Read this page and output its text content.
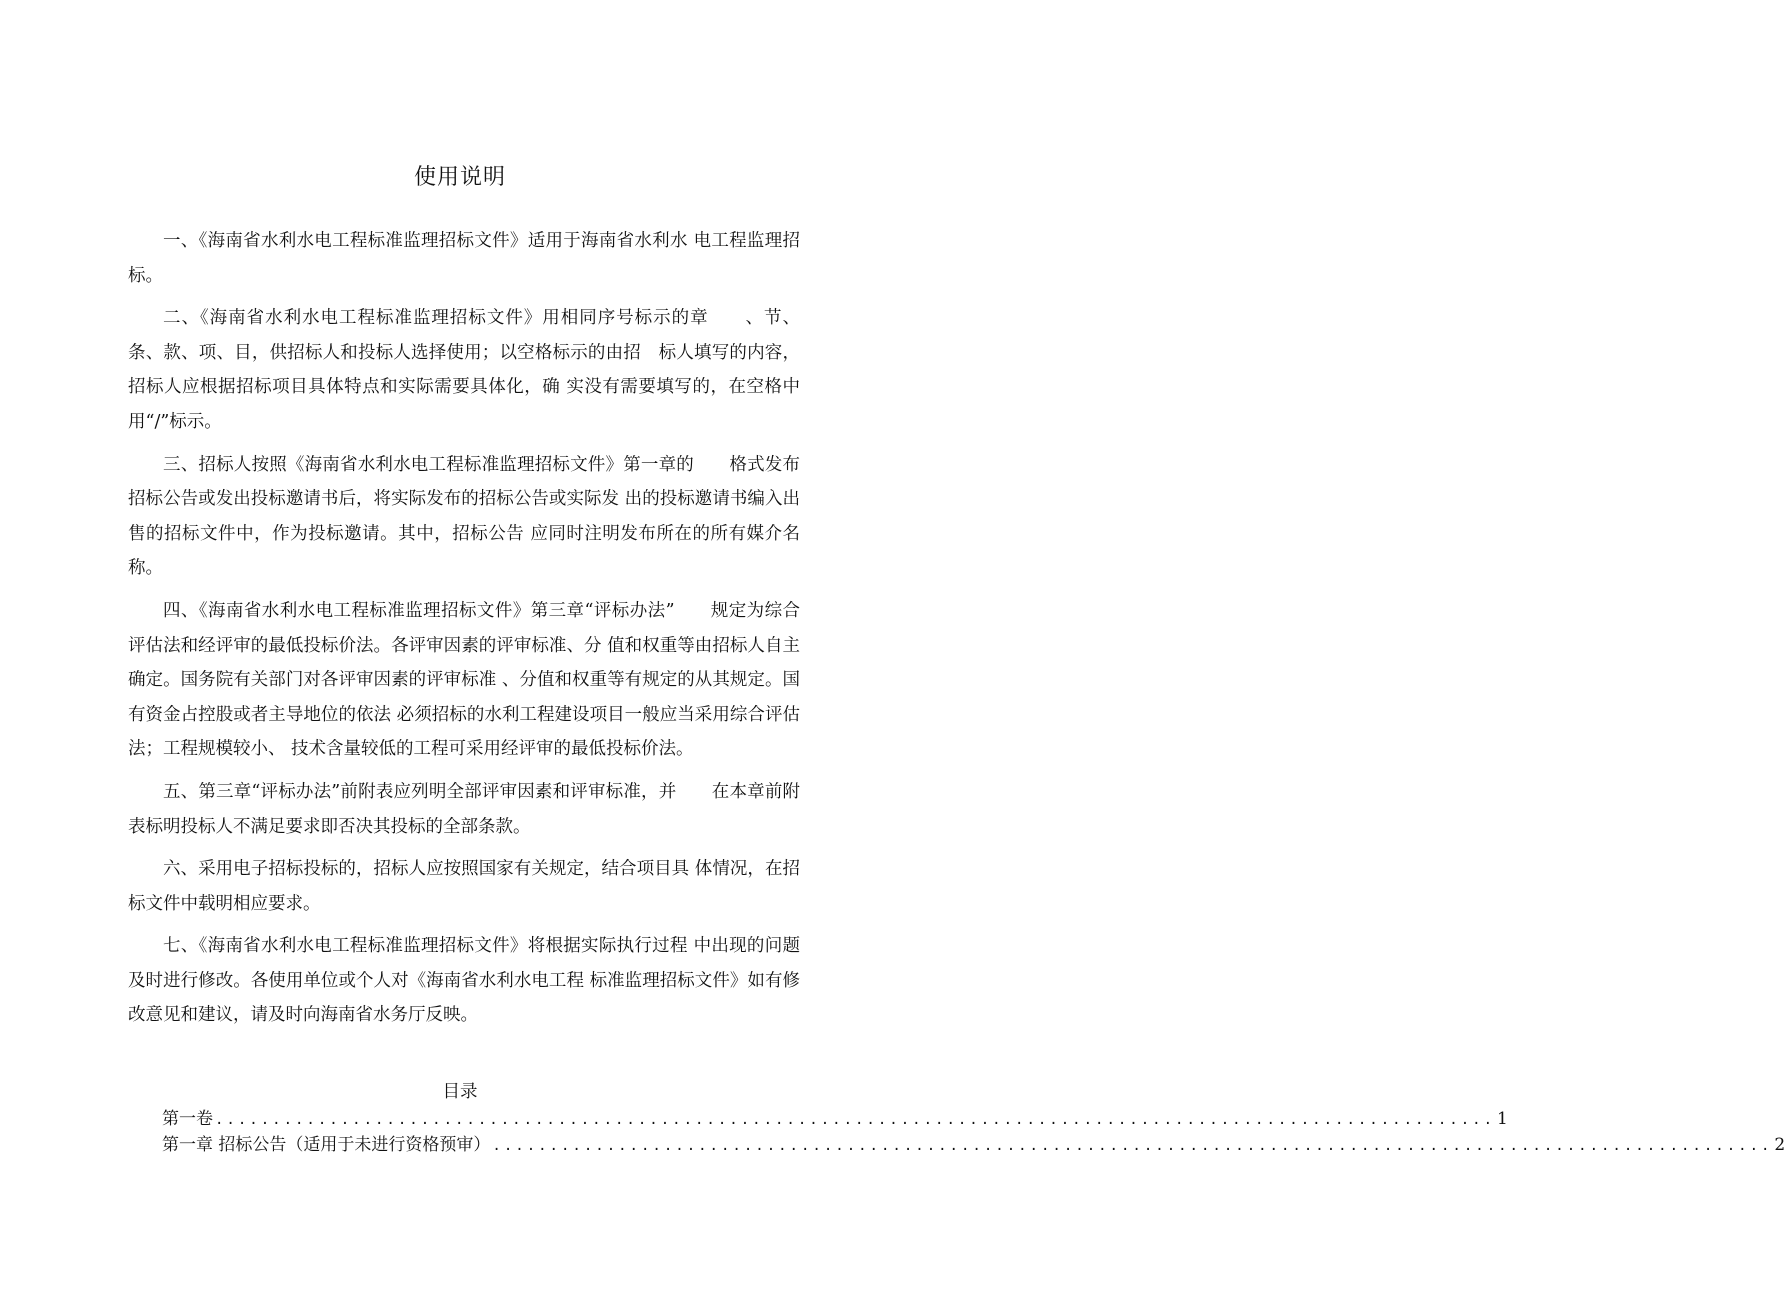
使用说明

一、《海南省水利水电工程标准监理招标文件》适用于海南省水利水 电工程监理招标。

二、《海南省水利水电工程标准监理招标文件》用相同序号标示的章　　、节、条、款、项、目，供招标人和投标人选择使用；以空格标示的由招　标人填写的内容，招标人应根据招标项目具体特点和实际需要具体化，确 实没有需要填写的，在空格中用“/”标示。

三、招标人按照《海南省水利水电工程标准监理招标文件》第一章的　　格式发布招标公告或发出投标邀请书后，将实际发布的招标公告或实际发 出的投标邀请书编入出售的招标文件中，作为投标邀请。其中，招标公告 应同时注明发布所在的所有媒介名称。

四、《海南省水利水电工程标准监理招标文件》第三章“评标办法”　　规定为综合评估法和经评审的最低投标价法。各评审因素的评审标准、分 值和权重等由招标人自主确定。国务院有关部门对各评审因素的评审标准 、分值和权重等有规定的从其规定。国有资金占控股或者主导地位的依法 必须招标的水利工程建设项目一般应当采用综合评估法；工程规模较小、 技术含量较低的工程可采用经评审的最低投标价法。

五、第三章“评标办法”前附表应列明全部评审因素和评审标准，并　　在本章前附表标明投标人不满足要求即否决其投标的全部条款。

六、采用电子招标投标的，招标人应按照国家有关规定，结合项目具 体情况，在招标文件中载明相应要求。

七、《海南省水利水电工程标准监理招标文件》将根据实际执行过程 中出现的问题及时进行修改。各使用单位或个人对《海南省水利水电工程 标准监理招标文件》如有修改意见和建议，请及时向海南省水务厅反映。

目录
第一卷 ................................................................................................................ 1
第一章 招标公告（适用于未进行资格预审） ................................................................................................................ 2
